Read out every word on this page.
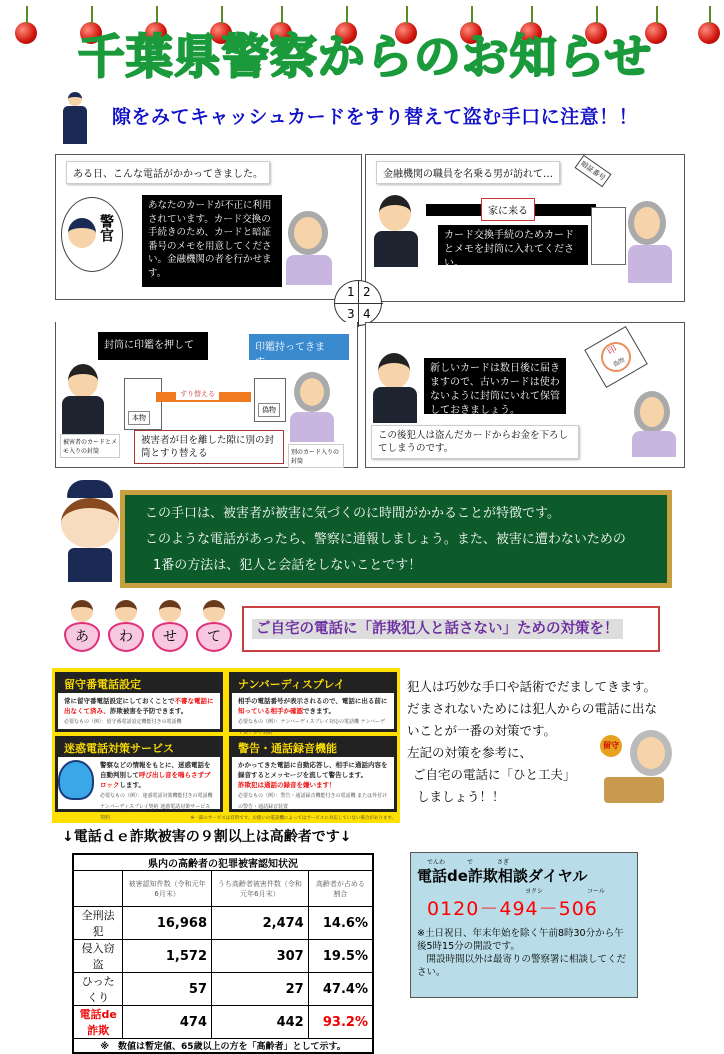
千葉県警察からのお知らせ
隙をみてキャッシュカードをすり替えて盗む手口に注意！！
ある日、こんな電話がかかってきました。
警官
あなたのカードが不正に利用されています。カード交換の手続きのため、カードと暗証番号のメモを用意してください。金融機関の者を行かせます。
金融機関の職員を名乗る男が訪れて…
家に来る
カード交換手続のためカードとメモを封筒に入れてください。
暗証番号
1 2
3 4
封筒に印鑑を押してください。
印鑑持ってきます。
本物
すり替える
偽物
被害者のカードとメモ入りの封筒
被害者が目を離した隙に別の封筒とすり替える	別のカード入りの封筒
新しいカードは数日後に届きますので、古いカードは使わないように封筒にいれて保管しておきましょう。
この後犯人は盗んだカードからお金を下ろしてしまうのです。
印
偽物
この手口は、被害者が被害に気づくのに時間がかかることが特徴です。
このような電話があったら、警察に通報しましょう。また、被害に遭わないための
1番の方法は、犯人と会話をしないことです！
あ	わ	せ	て	ご自宅の電話に「詐欺犯人と話さない」ための対策を！
留守番電話設定

常に留守番電話設定にしておくことで不審な電話に出なくて済み、詐欺被害を予防できます。
必要なもの（例）：留守番電話設定機能付きの電話機

ナンバーディスプレイ

相手の電話番号が表示されるので、電話に出る前に知っている相手か確認できます。
必要なもの（例）：ナンバーディスプレイ対応の電話機 ナンバーディスプレイ契約

迷惑電話対策サービス

警察などの情報をもとに、迷惑電話を自動判別して呼び出し音を鳴らさずブロックします。
必要なもの（例）：迷惑電話対策機能付きの電話機 ナンバーディスプレイ契約 迷惑電話対策サービス契約

警告・通話録音機能

かかってきた電話に自動応答し、相手に通話内容を録音するとメッセージを流して警告します。
詐欺犯は通話の録音を嫌います！
必要なもの（例）：警告・通話録音機能付きの電話機 または外付けの警告・通話録音装置

※一部のサービスは有料です。お使いの電話機によってはサービスに対応していない場合があります。
犯人は巧妙な手口や話術でだましてきます。
だまされないためには犯人からの電話に出な
いことが一番の対策です。
左記の対策を参考に、
ご自宅の電話に「ひと工夫」
しましょう！！
留守
↓電話ｄｅ詐欺被害の９割以上は高齢者です↓
県内の高齢者の犯罪被害認知状況			
	被害認知件数（令和元年6月末）	うち高齢者被害件数（令和元年6月末）	高齢者が占める割合
全刑法犯	16,968	2,474	14.6%
侵入窃盗	1,572	307	19.5%
ひったくり	57	27	47.4%
電話de詐欺	474	442	93.2%
※　数値は暫定値、65歳以上の方を「高齢者」として示す。			
でんわ	で	さぎ
電話de詐欺相談ダイヤル
ヨクシ	コール
0120－494－506
※土日祝日、年末年始を除く午前8時30分から午後5時15分の開設です。
開設時間以外は最寄りの警察署に相談してください。
